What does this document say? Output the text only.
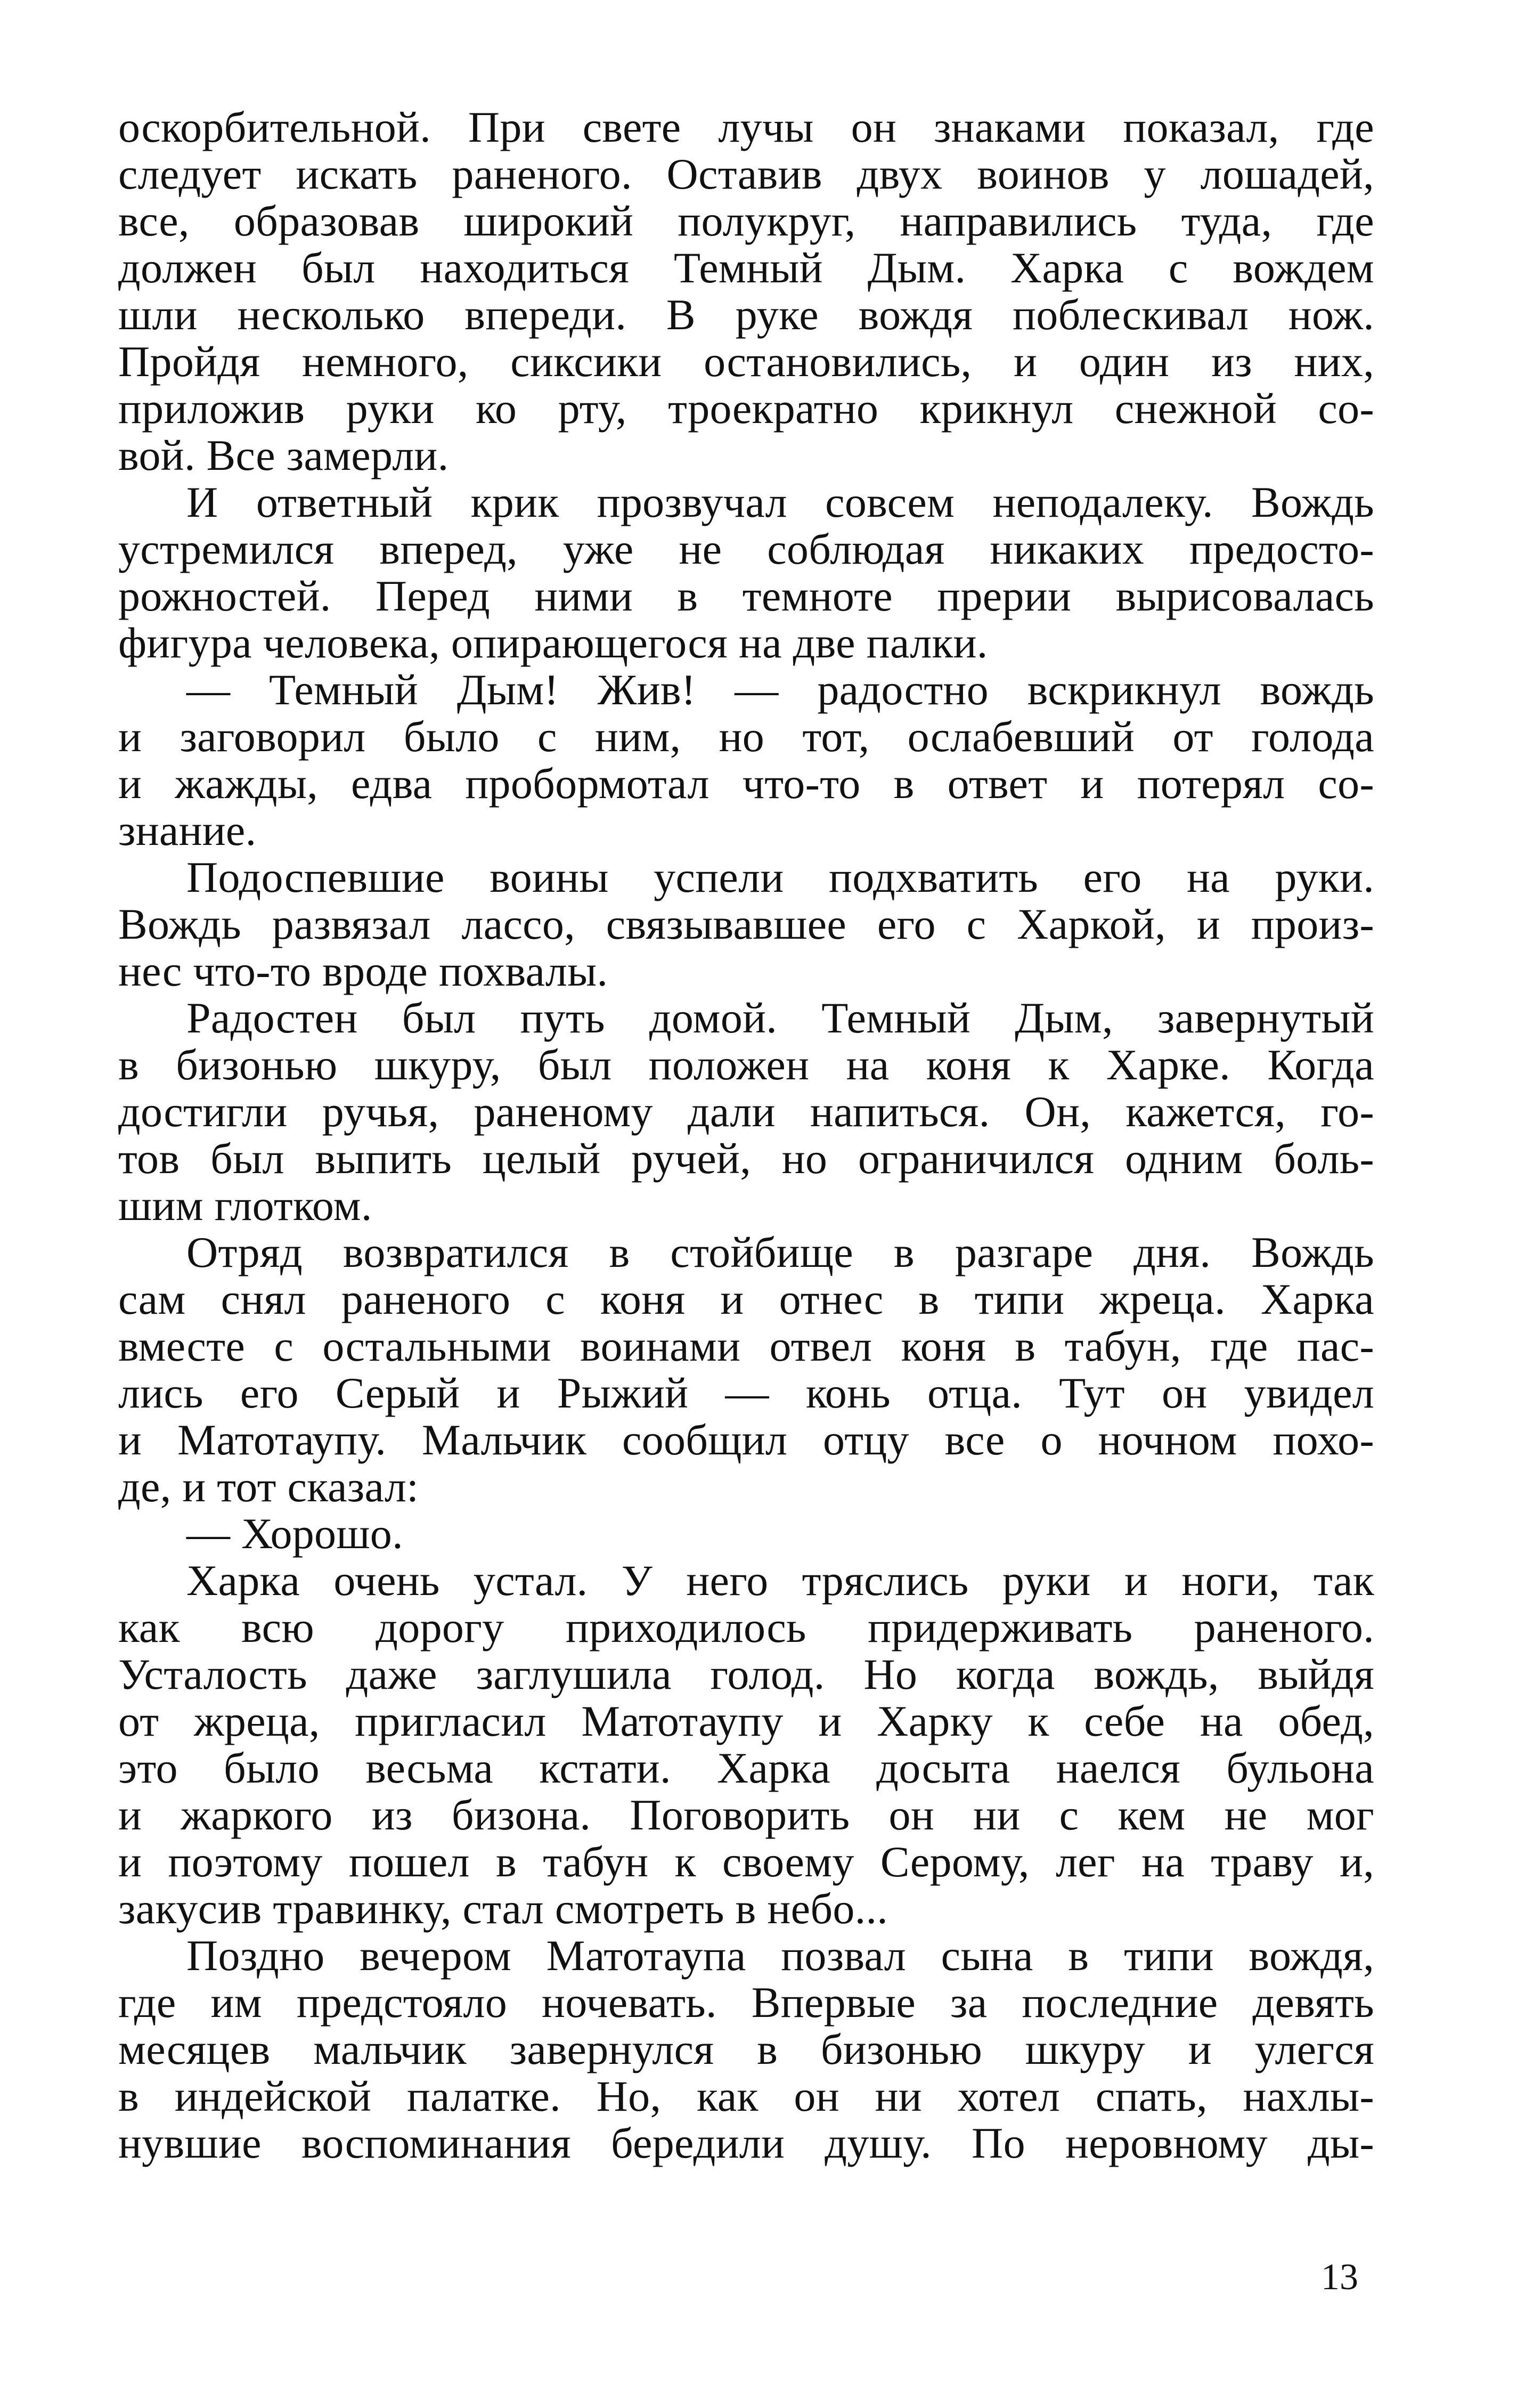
оскорбительной. При свете лучы он знаками показал, где
следует искать раненого. Оставив двух воинов у лошадей,
все, образовав широкий полукруг, направились туда, где
должен был находиться Темный Дым. Харка с вождем
шли несколько впереди. В руке вождя поблескивал нож.
Пройдя немного, сиксики остановились, и один из них,
приложив руки ко рту, троекратно крикнул снежной со-
вой. Все замерли.

И ответный крик прозвучал совсем неподалеку. Вождь
устремился вперед, уже не соблюдая никаких предосто-
рожностей. Перед ними в темноте прерии вырисовалась
фигура человека, опирающегося на две палки.

— Темный Дым! Жив! — радостно вскрикнул вождь
и заговорил было с ним, но тот, ослабевший от голода
и жажды, едва пробормотал что-то в ответ и потерял со-
знание.

Подоспевшие воины успели подхватить его на руки.
Вождь развязал лассо, связывавшее его с Харкой, и произ-
нес что-то вроде похвалы.

Радостен был путь домой. Темный Дым, завернутый
в бизонью шкуру, был положен на коня к Харке. Когда
достигли ручья, раненому дали напиться. Он, кажется, го-
тов был выпить целый ручей, но ограничился одним боль-
шим глотком.

Отряд возвратился в стойбище в разгаре дня. Вождь
сам снял раненого с коня и отнес в типи жреца. Харка
вместе с остальными воинами отвел коня в табун, где пас-
лись его Серый и Рыжий — конь отца. Тут он увидел
и Матотаупу. Мальчик сообщил отцу все о ночном похо-
де, и тот сказал:

— Хорошо.

Харка очень устал. У него тряслись руки и ноги, так
как всю дорогу приходилось придерживать раненого.
Усталость даже заглушила голод. Но когда вождь, выйдя
от жреца, пригласил Матотаупу и Харку к себе на обед,
это было весьма кстати. Харка досыта наелся бульона
и жаркого из бизона. Поговорить он ни с кем не мог
и поэтому пошел в табун к своему Серому, лег на траву и,
закусив травинку, стал смотреть в небо...

Поздно вечером Матотаупа позвал сына в типи вождя,
где им предстояло ночевать. Впервые за последние девять
месяцев мальчик завернулся в бизонью шкуру и улегся
в индейской палатке. Но, как он ни хотел спать, нахлы-
нувшие воспоминания бередили душу. По неровному ды-

13
